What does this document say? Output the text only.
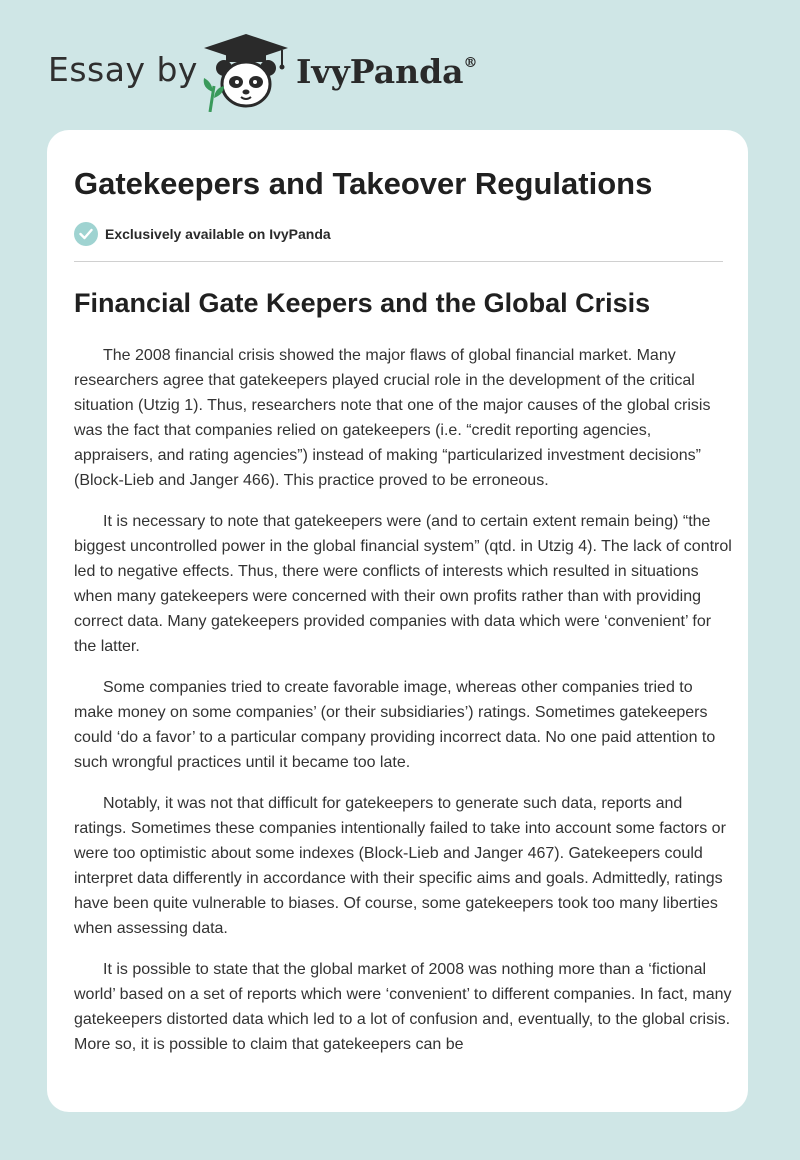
Essay by	IvyPanda®
Gatekeepers and Takeover Regulations
Exclusively available on IvyPanda
Financial Gate Keepers and the Global Crisis

The 2008 financial crisis showed the major flaws of global financial market. Many researchers agree that gatekeepers played crucial role in the development of the critical situation (Utzig 1). Thus, researchers note that one of the major causes of the global crisis was the fact that companies relied on gatekeepers (i.e. “credit reporting agencies, appraisers, and rating agencies”) instead of making “particularized investment decisions” (Block-Lieb and Janger 466). This practice proved to be erroneous.

It is necessary to note that gatekeepers were (and to certain extent remain being) “the biggest uncontrolled power in the global financial system” (qtd. in Utzig 4). The lack of control led to negative effects. Thus, there were conflicts of interests which resulted in situations when many gatekeepers were concerned with their own profits rather than with providing correct data. Many gatekeepers provided companies with data which were ‘convenient’ for the latter.

Some companies tried to create favorable image, whereas other companies tried to make money on some companies’ (or their subsidiaries’) ratings. Sometimes gatekeepers could ‘do a favor’ to a particular company providing incorrect data. No one paid attention to such wrongful practices until it became too late.

Notably, it was not that difficult for gatekeepers to generate such data, reports and ratings. Sometimes these companies intentionally failed to take into account some factors or were too optimistic about some indexes (Block-Lieb and Janger 467). Gatekeepers could interpret data differently in accordance with their specific aims and goals. Admittedly, ratings have been quite vulnerable to biases. Of course, some gatekeepers took too many liberties when assessing data.

It is possible to state that the global market of 2008 was nothing more than a ‘fictional world’ based on a set of reports which were ‘convenient’ to different companies. In fact, many gatekeepers distorted data which led to a lot of confusion and, eventually, to the global crisis. More so, it is possible to claim that gatekeepers can be
